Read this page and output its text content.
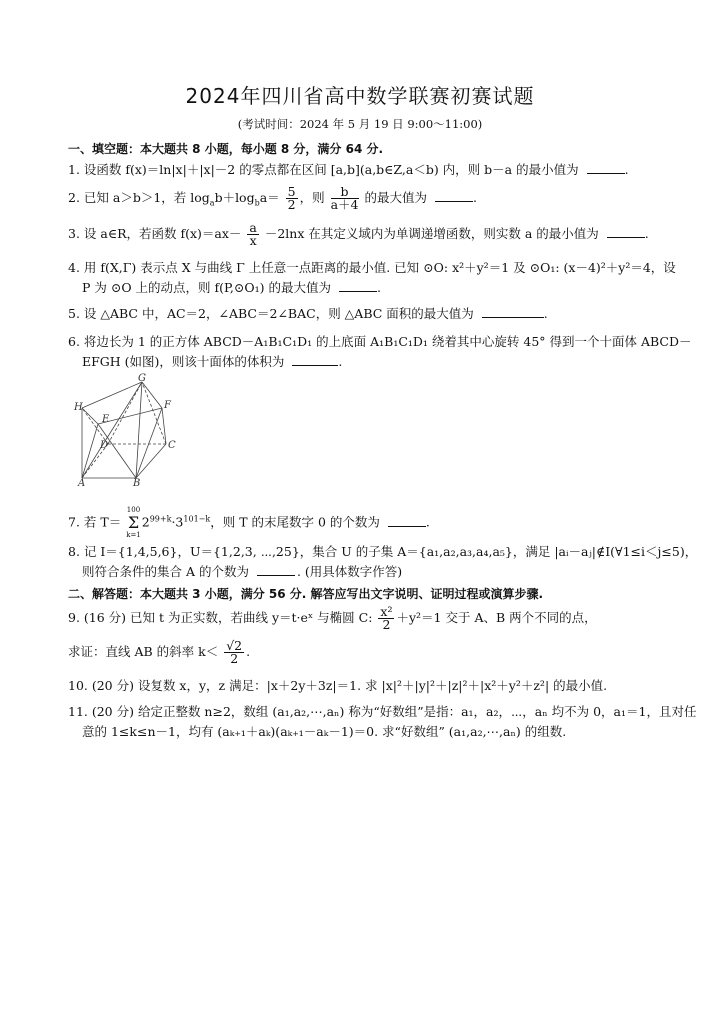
2024年四川省高中数学联赛初赛试题
(考试时间：2024 年 5 月 19 日 9:00～11:00)
一、填空题：本大题共 8 小题，每小题 8 分，满分 64 分.
1. 设函数 f(x)＝ln|x|＋|x|－2 的零点都在区间 [a,b](a,b∈Z,a＜b) 内，则 b－a 的最小值为	.
2. 已知 a＞b＞1，若 $\log_ab+\log_ba= \frac{5}{2}$ ，则 $\frac{b}{a+4}$ 的最大值为	.
3. 设 a∈R，若函数 $f(x)=ax- \frac{a}{x} -2\ln x$ 在其定义域内为单调递增函数，则实数 a 的最小值为	.
4. 用 f(X,Γ) 表示点 X 与曲线 Γ 上任意一点距离的最小值. 已知 ⊙O: x²＋y²＝1 及 ⊙O₁: (x－4)²＋y²＝4，设
P 为 ⊙O 上的动点，则 f(P,⊙O₁) 的最大值为	.
5. 设 △ABC 中，AC＝2，∠ABC＝2∠BAC，则 △ABC 面积的最大值为	.
6. 将边长为 1 的正方体 ABCD－A₁B₁C₁D₁ 的上底面 A₁B₁C₁D₁ 绕着其中心旋转 45° 得到一个十面体 ABCD－
EFGH (如图)，则该十面体的体积为	.
G
H	F
E
D	C
A	B
7. 若 T＝
100
Σ
k=1
$2^{99+k}\cdot 3^{101-k}$，则 T 的末尾数字 0 的个数为	.
8. 记 I＝{1,4,5,6}，U＝{1,2,3, ⋯,25}，集合 U 的子集 A＝{a₁,a₂,a₃,a₄,a₅}，满足 |aᵢ－aⱼ|∉I(∀1≤i＜j≤5)，
则符合条件的集合 A 的个数为	. (用具体数字作答)
二、解答题：本大题共 3 小题，满分 56 分. 解答应写出文字说明、证明过程或演算步骤.
9. (16 分) 已知 t 为正实数，若曲线 y＝t·eˣ 与椭圆 C: $\frac{\text{x²}}{2} +y^2=1$ 交于 A、B 两个不同的点，
求证：直线 AB 的斜率 $k< \frac{√2}{2}$ .
10. (20 分) 设复数 x，y，z 满足：|x＋2y＋3z|＝1. 求 |x|²＋|y|²＋|z|²＋|x²＋y²＋z²| 的最小值.
11. (20 分) 给定正整数 n≥2，数组 (a₁,a₂,⋯,aₙ) 称为“好数组”是指：a₁，a₂，⋯，aₙ 均不为 0，a₁＝1，且对任
意的 1≤k≤n－1，均有 (aₖ₊₁＋aₖ)(aₖ₊₁－aₖ－1)＝0. 求“好数组” (a₁,a₂,⋯,aₙ) 的组数.
